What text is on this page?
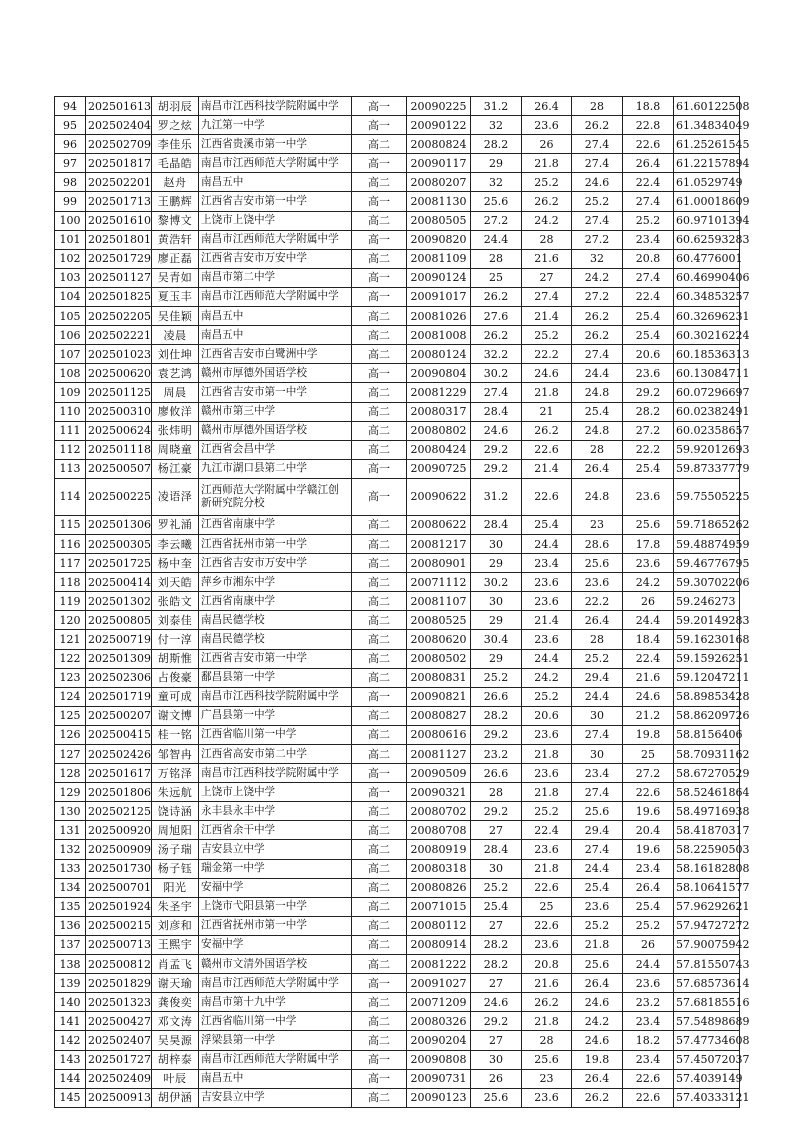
94	202501613	胡羽辰	南昌市江西科技学院附属中学	高一	20090225	31.2	26.4	28	18.8	61.60122508
95	202502404	罗之炫	九江第一中学	高一	20090122	32	23.6	26.2	22.8	61.34834049
96	202502709	李佳乐	江西省贵溪市第一中学	高二	20080824	28.2	26	27.4	22.6	61.25261545
97	202501817	毛晶皓	南昌市江西师范大学附属中学	高一	20090117	29	21.8	27.4	26.4	61.22157894
98	202502201	赵舟	南昌五中	高二	20080207	32	25.2	24.6	22.4	61.0529749
99	202501713	王鹏辉	江西省吉安市第一中学	高一	20081130	25.6	26.2	25.2	27.4	61.00018609
100	202501610	黎博文	上饶市上饶中学	高二	20080505	27.2	24.2	27.4	25.2	60.97101394
101	202501801	黄浩轩	南昌市江西师范大学附属中学	高一	20090820	24.4	28	27.2	23.4	60.62593283
102	202501729	廖正磊	江西省吉安市万安中学	高二	20081109	28	21.6	32	20.8	60.4776001
103	202501127	吴青如	南昌市第二中学	高一	20090124	25	27	24.2	27.4	60.46990406
104	202501825	夏玉丰	南昌市江西师范大学附属中学	高一	20091017	26.2	27.4	27.2	22.4	60.34853257
105	202502205	吴佳颖	南昌五中	高二	20081026	27.6	21.4	26.2	25.4	60.32696231
106	202502221	凌晨	南昌五中	高二	20081008	26.2	25.2	26.2	25.4	60.30216224
107	202501023	刘仕坤	江西省吉安市白鹭洲中学	高二	20080124	32.2	22.2	27.4	20.6	60.18536313
108	202500620	袁艺鸿	赣州市厚德外国语学校	高一	20090804	30.2	24.6	24.4	23.6	60.13084711
109	202501125	周晨	江西省吉安市第一中学	高二	20081229	27.4	21.8	24.8	29.2	60.07296697
110	202500310	廖攸洋	赣州市第三中学	高二	20080317	28.4	21	25.4	28.2	60.02382491
111	202500624	张炜明	赣州市厚德外国语学校	高二	20080802	24.6	26.2	24.8	27.2	60.02358657
112	202501118	周晓童	江西省会昌中学	高二	20080424	29.2	22.6	28	22.2	59.92012693
113	202500507	杨江豪	九江市湖口县第二中学	高一	20090725	29.2	21.4	26.4	25.4	59.87337779
114	202500225	凌语泽	江西师范大学附属中学赣江创新研究院分校	高一	20090622	31.2	22.6	24.8	23.6	59.75505225
115	202501306	罗礼涌	江西省南康中学	高二	20080622	28.4	25.4	23	25.6	59.71865262
116	202500305	李云曦	江西省抚州市第一中学	高二	20081217	30	24.4	28.6	17.8	59.48874959
117	202501725	杨中奎	江西省吉安市万安中学	高二	20080901	29	23.4	25.6	23.6	59.46776795
118	202500414	刘天皓	萍乡市湘东中学	高二	20071112	30.2	23.6	23.6	24.2	59.30702206
119	202501302	张皓文	江西省南康中学	高二	20081107	30	23.6	22.2	26	59.246273
120	202500805	刘泰佳	南昌民德学校	高二	20080525	29	21.4	26.4	24.4	59.20149283
121	202500719	付一淳	南昌民德学校	高二	20080620	30.4	23.6	28	18.4	59.16230168
122	202501309	胡斯惟	江西省吉安市第一中学	高二	20080502	29	24.4	25.2	22.4	59.15926251
123	202502306	占俊豪	鄱昌县第一中学	高二	20080831	25.2	24.2	29.4	21.6	59.12047211
124	202501719	童可成	南昌市江西科技学院附属中学	高一	20090821	26.6	25.2	24.4	24.6	58.89853428
125	202500207	谢文博	广昌县第一中学	高二	20080827	28.2	20.6	30	21.2	58.86209726
126	202500415	桂一铭	江西省临川第一中学	高二	20080616	29.2	23.6	27.4	19.8	58.8156406
127	202502426	邹智冉	江西省高安市第二中学	高二	20081127	23.2	21.8	30	25	58.70931162
128	202501617	万铭泽	南昌市江西科技学院附属中学	高一	20090509	26.6	23.6	23.4	27.2	58.67270529
129	202501806	朱远航	上饶市上饶中学	高一	20090321	28	21.8	27.4	22.6	58.52461864
130	202502125	饶诗涵	永丰县永丰中学	高二	20080702	29.2	25.2	25.6	19.6	58.49716938
131	202500920	周旭阳	江西省余干中学	高二	20080708	27	22.4	29.4	20.4	58.41870317
132	202500909	汤子瑞	吉安县立中学	高二	20080919	28.4	23.6	27.4	19.6	58.22590503
133	202501730	杨子钰	瑞金第一中学	高二	20080318	30	21.8	24.4	23.4	58.16182808
134	202500701	阳光	安福中学	高二	20080826	25.2	22.6	25.4	26.4	58.10641577
135	202501924	朱圣宇	上饶市弋阳县第一中学	高二	20071015	25.4	25	23.6	25.4	57.96292621
136	202500215	刘彦和	江西省抚州市第一中学	高二	20080112	27	22.6	25.2	25.2	57.94727272
137	202500713	王熙宇	安福中学	高二	20080914	28.2	23.6	21.8	26	57.90075942
138	202500812	肖孟飞	赣州市文清外国语学校	高二	20081222	28.2	20.8	25.6	24.4	57.81550743
139	202501829	谢天瑜	南昌市江西师范大学附属中学	高一	20091027	27	21.6	26.4	23.6	57.68573614
140	202501323	龚俊奕	南昌市第十九中学	高二	20071209	24.6	26.2	24.6	23.2	57.68185516
141	202500427	邓文涛	江西省临川第一中学	高二	20080326	29.2	21.8	24.2	23.4	57.54898689
142	202502407	吴昊源	浮梁县第一中学	高二	20090204	27	28	24.6	18.2	57.47734608
143	202501727	胡梓泰	南昌市江西师范大学附属中学	高一	20090808	30	25.6	19.8	23.4	57.45072037
144	202502409	叶辰	南昌五中	高一	20090731	26	23	26.4	22.6	57.4039149
145	202500913	胡伊涵	吉安县立中学	高二	20090123	25.6	23.6	26.2	22.6	57.40333121
